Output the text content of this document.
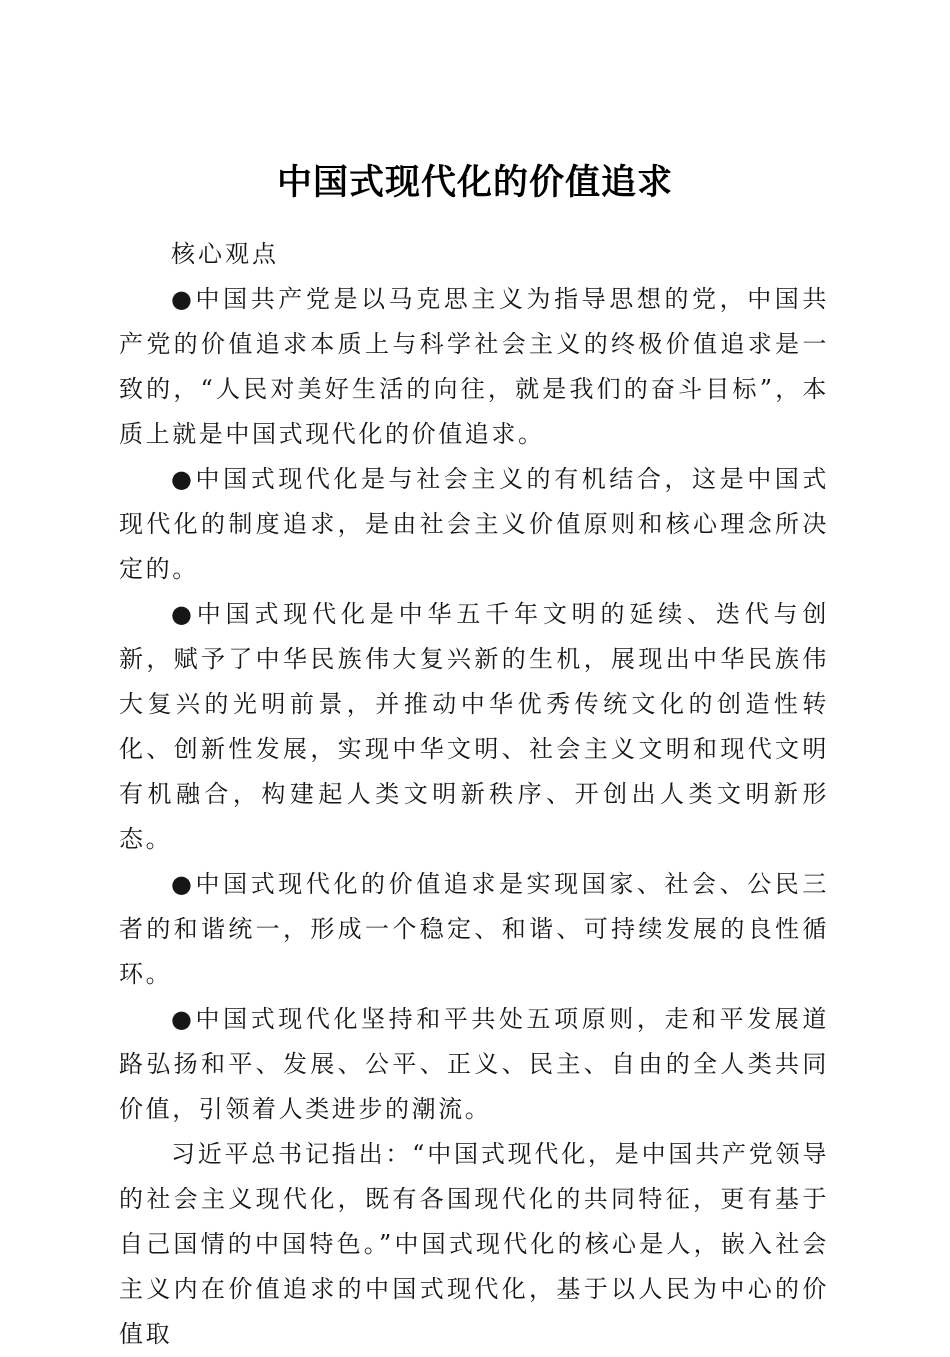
中国式现代化的价值追求

核心观点

●中国共产党是以马克思主义为指导思想的党，中国共产党的价值追求本质上与科学社会主义的终极价值追求是一致的，“人民对美好生活的向往，就是我们的奋斗目标”，本质上就是中国式现代化的价值追求。

●中国式现代化是与社会主义的有机结合，这是中国式现代化的制度追求，是由社会主义价值原则和核心理念所决定的。

●中国式现代化是中华五千年文明的延续、迭代与创新，赋予了中华民族伟大复兴新的生机，展现出中华民族伟大复兴的光明前景，并推动中华优秀传统文化的创造性转化、创新性发展，实现中华文明、社会主义文明和现代文明有机融合，构建起人类文明新秩序、开创出人类文明新形态。

●中国式现代化的价值追求是实现国家、社会、公民三者的和谐统一，形成一个稳定、和谐、可持续发展的良性循环。

●中国式现代化坚持和平共处五项原则，走和平发展道路弘扬和平、发展、公平、正义、民主、自由的全人类共同价值，引领着人类进步的潮流。

习近平总书记指出：“中国式现代化，是中国共产党领导的社会主义现代化，既有各国现代化的共同特征，更有基于自己国情的中国特色。”中国式现代化的核心是人，嵌入社会主义内在价值追求的中国式现代化，基于以人民为中心的价值取
